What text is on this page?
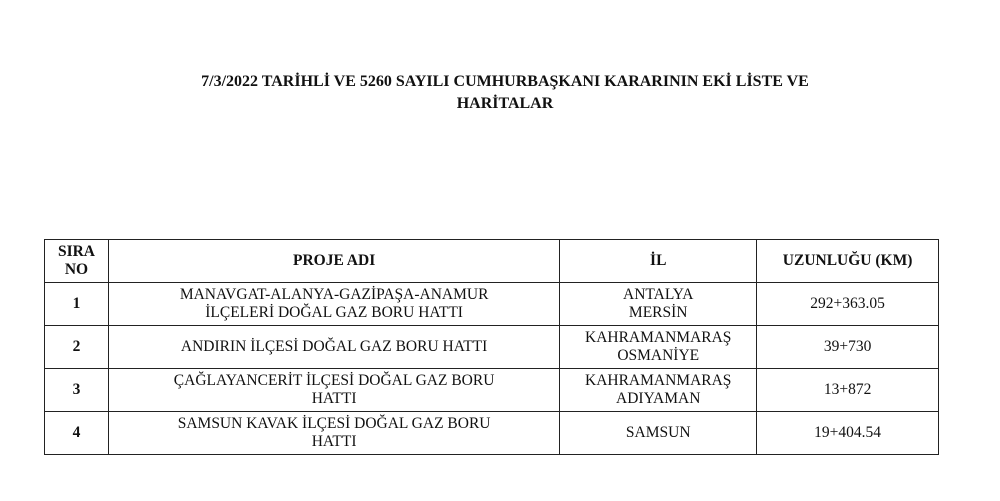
7/3/2022 TARİHLİ VE 5260 SAYILI CUMHURBAŞKANI KARARININ EKİ LİSTE VE
HARİTALAR
SIRA
NO	PROJE ADI	İL	UZUNLUĞU (KM)
1	MANAVGAT-ALANYA-GAZİPAŞA-ANAMUR
İLÇELERİ DOĞAL GAZ BORU HATTI	ANTALYA
MERSİN	292+363.05
2	ANDIRIN İLÇESİ DOĞAL GAZ BORU HATTI	KAHRAMANMARAŞ
OSMANİYE	39+730
3	ÇAĞLAYANCERİT İLÇESİ DOĞAL GAZ BORU
HATTI	KAHRAMANMARAŞ
ADIYAMAN	13+872
4	SAMSUN KAVAK İLÇESİ DOĞAL GAZ BORU
HATTI	SAMSUN	19+404.54
